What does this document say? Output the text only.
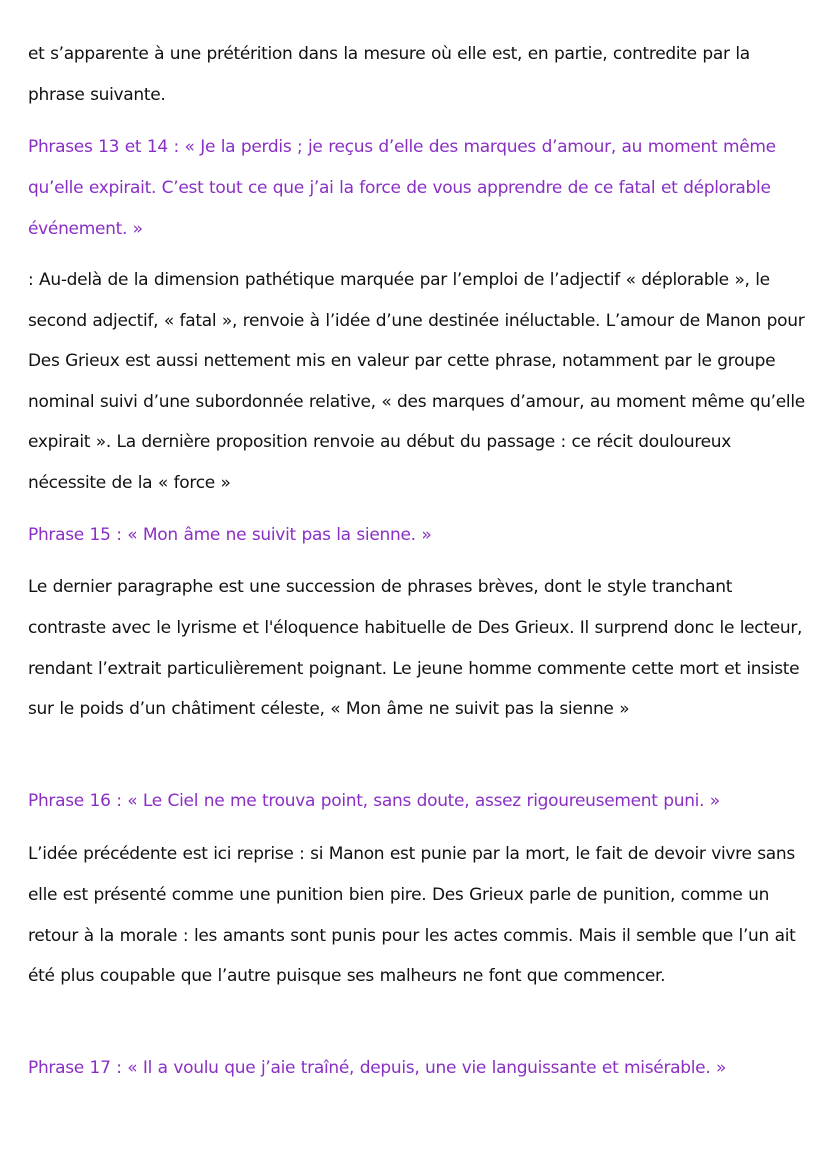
et s’apparente à une prétérition dans la mesure où elle est, en partie, contredite par la phrase suivante.

Phrases 13 et 14 : « Je la perdis ; je reçus d’elle des marques d’amour, au moment même qu’elle expirait. C’est tout ce que j’ai la force de vous apprendre de ce fatal et déplorable événement. »

: Au-delà de la dimension pathétique marquée par l’emploi de l’adjectif « déplorable », le second adjectif, « fatal », renvoie à l’idée d’une destinée inéluctable. L’amour de Manon pour Des Grieux est aussi nettement mis en valeur par cette phrase, notamment par le groupe nominal suivi d’une subordonnée relative, « des marques d’amour, au moment même qu’elle expirait ». La dernière proposition renvoie au début du passage : ce récit douloureux nécessite de la « force »

Phrase 15 : « Mon âme ne suivit pas la sienne. »

Le dernier paragraphe est une succession de phrases brèves, dont le style tranchant contraste avec le lyrisme et l'éloquence habituelle de Des Grieux. Il surprend donc le lecteur, rendant l’extrait particulièrement poignant. Le jeune homme commente cette mort et insiste sur le poids d’un châtiment céleste, « Mon âme ne suivit pas la sienne »

Phrase 16 : « Le Ciel ne me trouva point, sans doute, assez rigoureusement puni. »

L’idée précédente est ici reprise : si Manon est punie par la mort, le fait de devoir vivre sans elle est présenté comme une punition bien pire. Des Grieux parle de punition, comme un retour à la morale : les amants sont punis pour les actes commis. Mais il semble que l’un ait été plus coupable que l’autre puisque ses malheurs ne font que commencer.

Phrase 17 : « Il a voulu que j’aie traîné, depuis, une vie languissante et misérable. »
